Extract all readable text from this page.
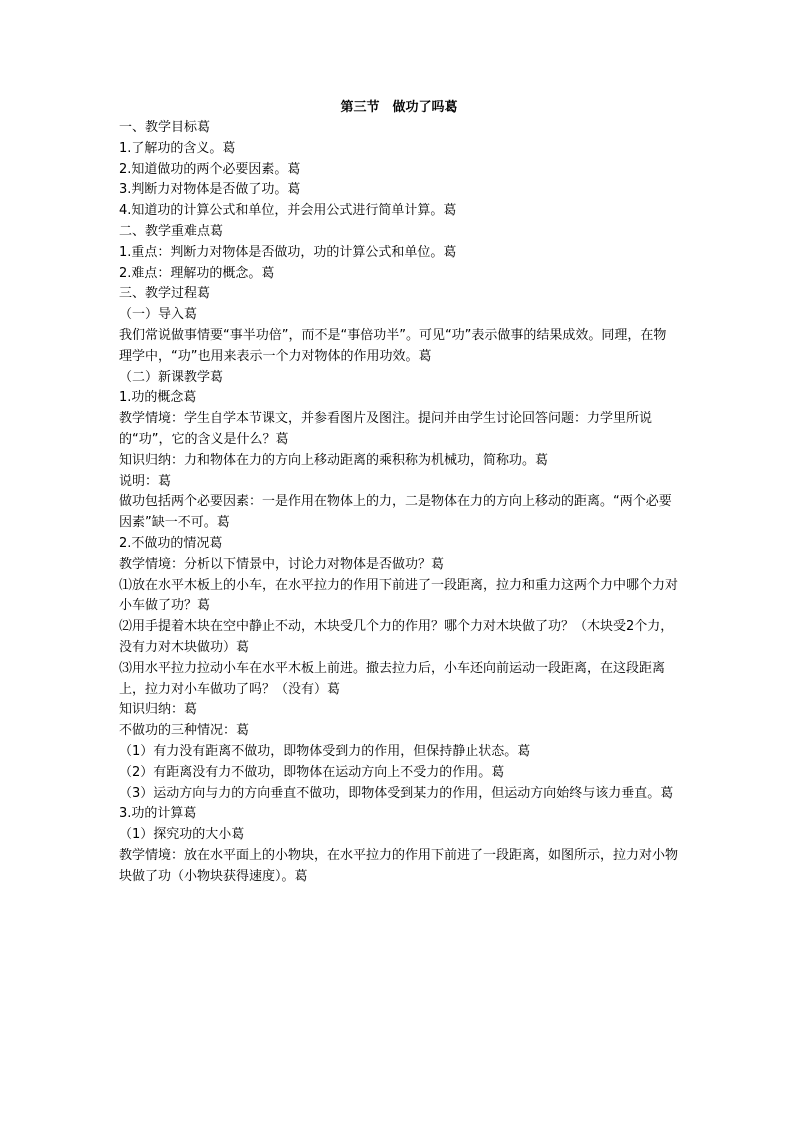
第三节　做功了吗葛

一、教学目标葛

1.了解功的含义。葛

2.知道做功的两个必要因素。葛

3.判断力对物体是否做了功。葛

4.知道功的计算公式和单位，并会用公式进行简单计算。葛

二、教学重难点葛

1.重点：判断力对物体是否做功，功的计算公式和单位。葛

2.难点：理解功的概念。葛

三、教学过程葛

（一）导入葛

我们常说做事情要“事半功倍”，而不是“事倍功半”。可见“功”表示做事的结果成效。同理，在物理学中，“功”也用来表示一个力对物体的作用功效。葛

（二）新课教学葛

1.功的概念葛

教学情境：学生自学本节课文，并参看图片及图注。提问并由学生讨论回答问题：力学里所说的“功”，它的含义是什么？葛

知识归纳：力和物体在力的方向上移动距离的乘积称为机械功，简称功。葛

说明：葛

做功包括两个必要因素：一是作用在物体上的力，二是物体在力的方向上移动的距离。“两个必要因素”缺一不可。葛

2.不做功的情况葛

教学情境：分析以下情景中，讨论力对物体是否做功？葛

⑴放在水平木板上的小车，在水平拉力的作用下前进了一段距离，拉力和重力这两个力中哪个力对小车做了功？葛

⑵用手提着木块在空中静止不动，木块受几个力的作用？哪个力对木块做了功？（木块受2个力，没有力对木块做功）葛

⑶用水平拉力拉动小车在水平木板上前进。撤去拉力后，小车还向前运动一段距离，在这段距离上，拉力对小车做功了吗？（没有）葛

知识归纳：葛

不做功的三种情况：葛

（1）有力没有距离不做功，即物体受到力的作用，但保持静止状态。葛

（2）有距离没有力不做功，即物体在运动方向上不受力的作用。葛

（3）运动方向与力的方向垂直不做功，即物体受到某力的作用，但运动方向始终与该力垂直。葛

3.功的计算葛

（1）探究功的大小葛

教学情境：放在水平面上的小物块，在水平拉力的作用下前进了一段距离，如图所示，拉力对小物块做了功（小物块获得速度）。葛
